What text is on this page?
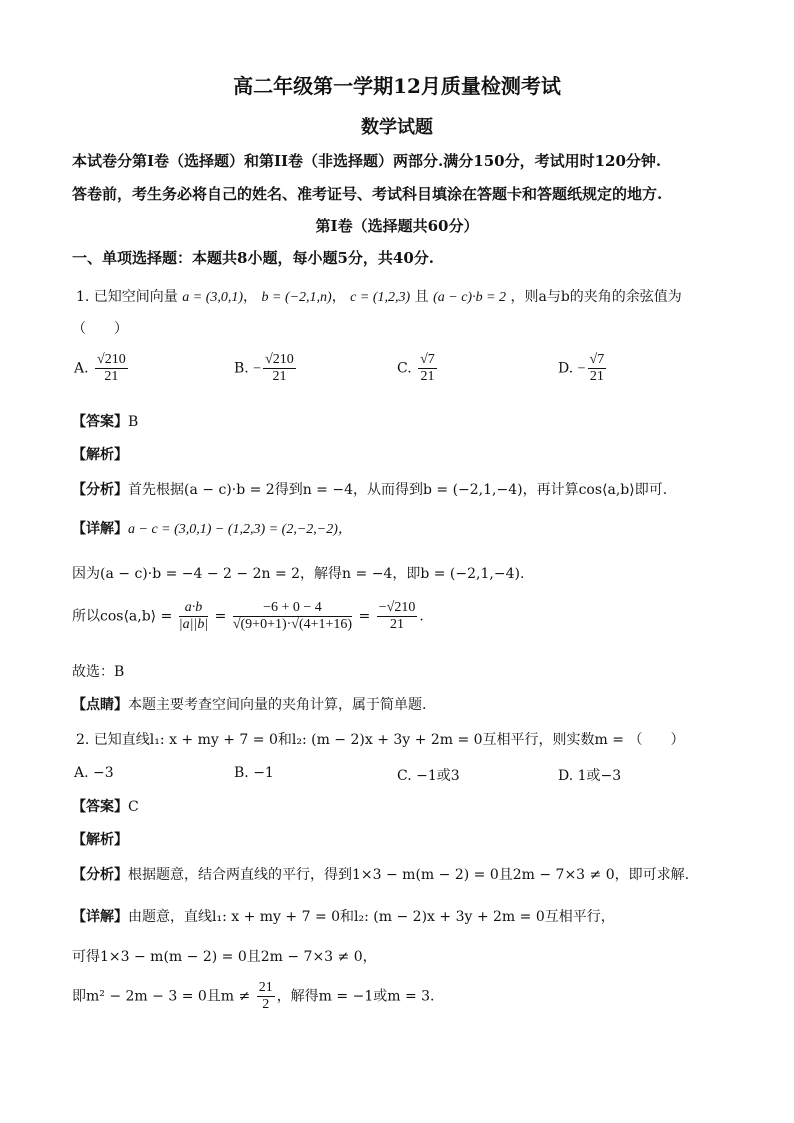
高二年级第一学期12月质量检测考试
数学试题
本试卷分第I卷（选择题）和第II卷（非选择题）两部分.满分150分，考试用时120分钟.
答卷前，考生务必将自己的姓名、准考证号、考试科目填涂在答题卡和答题纸规定的地方.
第I卷（选择题共60分）
一、单项选择题：本题共8小题，每小题5分，共40分.
1. 已知空间向量 a = (3,0,1)， b = (−2,1,n)， c = (1,2,3) 且 (a − c)·b = 2 ，则a与b的夹角的余弦值为
（　　）
A. $\frac{√210}{21}$	B. − $\frac{√210}{21}$	C. $\frac{√7}{21}$	D. − $\frac{√7}{21}$
【答案】B
【解析】
【分析】首先根据(a − c)·b = 2得到n = −4，从而得到b = (−2,1,−4)，再计算cos⟨a,b⟩即可.
【详解】a − c = (3,0,1) − (1,2,3) = (2,−2,−2)，
因为(a − c)·b = −4 − 2 − 2n = 2，解得n = −4，即b = (−2,1,−4).
所以cos⟨a,b⟩ = $\frac{a\cdot b}{|a||b|} = \frac{-6 + 0 - 4}{√(9+0+1)\cdot√(4+1+16)} = \frac{-√210}{21}$ .
故选：B
【点睛】本题主要考查空间向量的夹角计算，属于简单题.
2. 已知直线l₁: x + my + 7 = 0和l₂: (m − 2)x + 3y + 2m = 0互相平行，则实数m = （　　）
A. −3	B. −1	C. −1或3	D. 1或−3
【答案】C
【解析】
【分析】根据题意，结合两直线的平行，得到1×3 − m(m − 2) = 0且2m − 7×3 ≠ 0，即可求解.
【详解】由题意，直线l₁: x + my + 7 = 0和l₂: (m − 2)x + 3y + 2m = 0互相平行，
可得1×3 − m(m − 2) = 0且2m − 7×3 ≠ 0，
即m² − 2m − 3 = 0且$m \ne \frac{21}{2}$ ，解得m = −1或m = 3.
